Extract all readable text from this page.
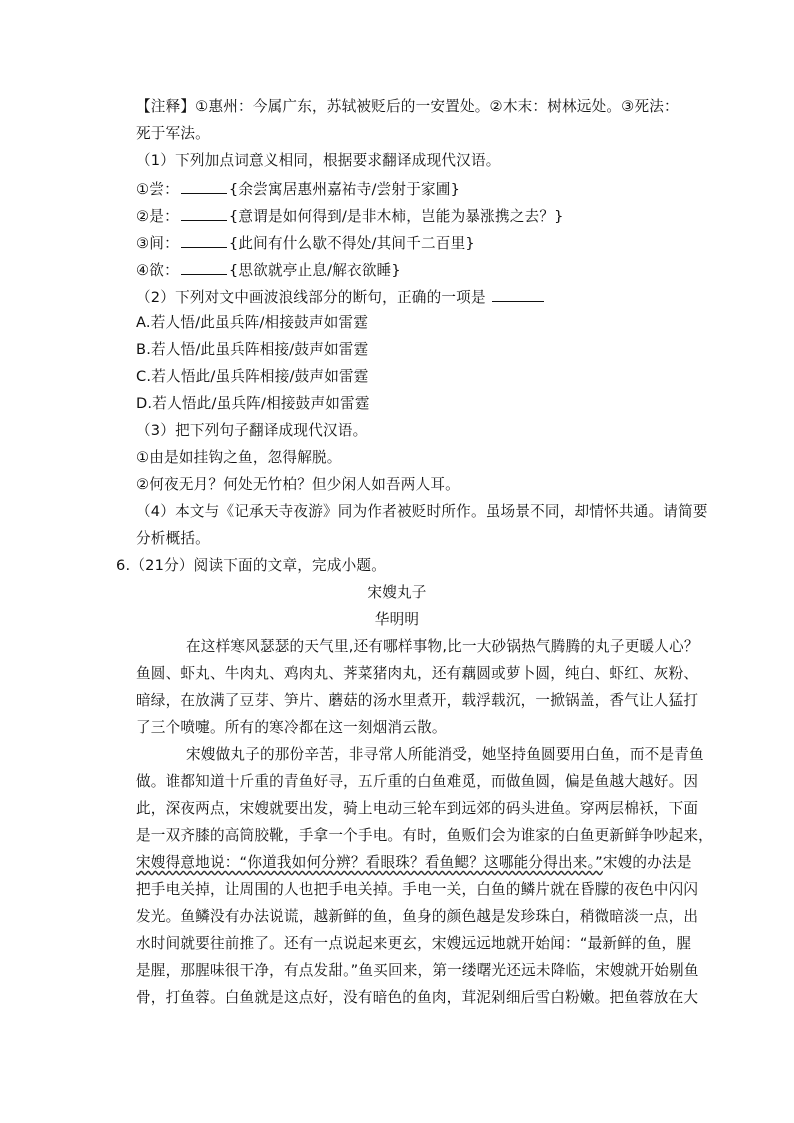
【注释】①惠州：今属广东，苏轼被贬后的一安置处。②木末：树林远处。③死法：
死于军法。
（1）下列加点词意义相同，根据要求翻译成现代汉语。
①尝：	{余尝寓居惠州嘉祐寺/尝射于家圃}
②是：	{意谓是如何得到/是非木柿，岂能为暴涨携之去？}
③间：	{此间有什么歇不得处/其间千二百里}
④欲：	{思欲就亭止息/解衣欲睡}
（2）下列对文中画波浪线部分的断句，正确的一项是
A.若人悟/此虽兵阵/相接鼓声如雷霆
B.若人悟/此虽兵阵相接/鼓声如雷霆
C.若人悟此/虽兵阵相接/鼓声如雷霆
D.若人悟此/虽兵阵/相接鼓声如雷霆
（3）把下列句子翻译成现代汉语。
①由是如挂钩之鱼，忽得解脱。
②何夜无月？何处无竹柏？但少闲人如吾两人耳。
（4）本文与《记承天寺夜游》同为作者被贬时所作。虽场景不同，却情怀共通。请简要
分析概括。
6.（21分）阅读下面的文章，完成小题。
宋嫂丸子
华明明
在这样寒风瑟瑟的天气里,还有哪样事物,比一大砂锅热气腾腾的丸子更暖人心？
鱼圆、虾丸、牛肉丸、鸡肉丸、荠菜猪肉丸，还有藕圆或萝卜圆，纯白、虾红、灰粉、
暗绿，在放满了豆芽、笋片、蘑菇的汤水里煮开，载浮载沉，一掀锅盖，香气让人猛打
了三个喷嚏。所有的寒冷都在这一刻烟消云散。
宋嫂做丸子的那份辛苦，非寻常人所能消受，她坚持鱼圆要用白鱼，而不是青鱼
做。谁都知道十斤重的青鱼好寻，五斤重的白鱼难觅，而做鱼圆，偏是鱼越大越好。因
此，深夜两点，宋嫂就要出发，骑上电动三轮车到远郊的码头进鱼。穿两层棉袄，下面
是一双齐膝的高筒胶靴，手拿一个手电。有时，鱼贩们会为谁家的白鱼更新鲜争吵起来，
宋嫂得意地说：“你道我如何分辨？看眼珠？看鱼鳃？这哪能分得出来。”宋嫂的办法是
把手电关掉，让周围的人也把手电关掉。手电一关，白鱼的鳞片就在昏朦的夜色中闪闪
发光。鱼鳞没有办法说谎，越新鲜的鱼，鱼身的颜色越是发珍珠白，稍微暗淡一点，出
水时间就要往前推了。还有一点说起来更玄，宋嫂远远地就开始闻：“最新鲜的鱼，腥
是腥，那腥味很干净，有点发甜。”鱼买回来，第一缕曙光还远未降临，宋嫂就开始剔鱼
骨，打鱼蓉。白鱼就是这点好，没有暗色的鱼肉，茸泥剁细后雪白粉嫩。把鱼蓉放在大
